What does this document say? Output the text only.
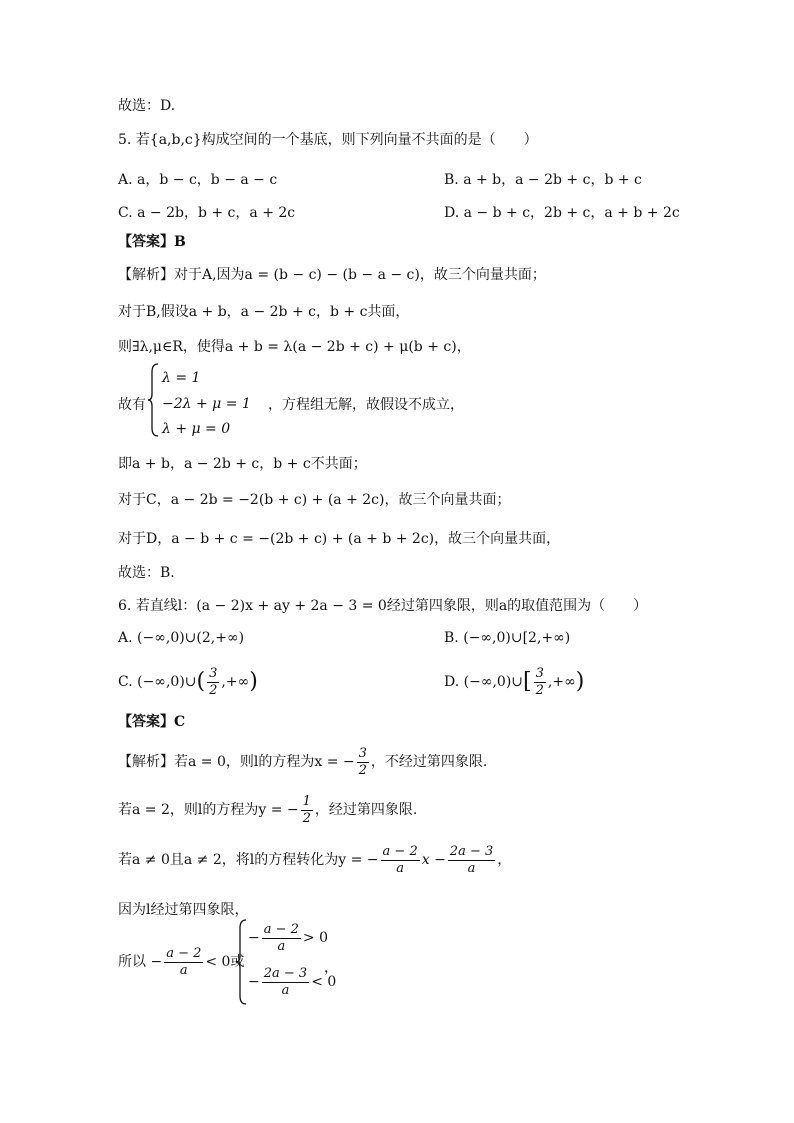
故选：D.
5. 若{a,b,c}构成空间的一个基底，则下列向量不共面的是（　　）
A. a，b − c，b − a − c	B. a + b，a − 2b + c，b + c
C. a − 2b，b + c，a + 2c	D. a − b + c，2b + c，a + b + 2c
【答案】B
【解析】对于A,因为a = (b − c) − (b − a − c)，故三个向量共面；
对于B,假设a + b，a − 2b + c，b + c共面，
则∃λ,μ∈R，使得a + b = λ(a − 2b + c) + μ(b + c)，
故有
λ = 1
−2λ + μ = 1
λ + μ = 0
，方程组无解，故假设不成立，
即a + b，a − 2b + c，b + c不共面；
对于C，a − 2b = −2(b + c) + (a + 2c)，故三个向量共面；
对于D，a − b + c = −(2b + c) + (a + b + 2c)，故三个向量共面，
故选：B.
6. 若直线l：(a − 2)x + ay + 2a − 3 = 0经过第四象限，则a的取值范围为（　　）
A. (−∞,0)∪(2,+∞)	B. (−∞,0)∪[2,+∞)
C. (−∞,0)∪( $\frac{3}{2}$ ,+∞)	D. (−∞,0)∪[ $\frac{3}{2}$ ,+∞)
【答案】C
【解析】若a = 0，则l的方程为x = − $\frac{3}{2}$ ，不经过第四象限.
若a = 2，则l的方程为y = − $\frac{1}{2}$ ，经过第四象限.
若a ≠ 0且a ≠ 2，将l的方程转化为y = − $\frac{a - 2}{a}$ $x - \frac{2a - 3}{a}$ ，
因为l经过第四象限，
所以 − $\frac{a - 2}{a} < 0$或
− $\frac{a - 2}{a} > 0$
− $\frac{2a - 3}{a} < 0$
，
